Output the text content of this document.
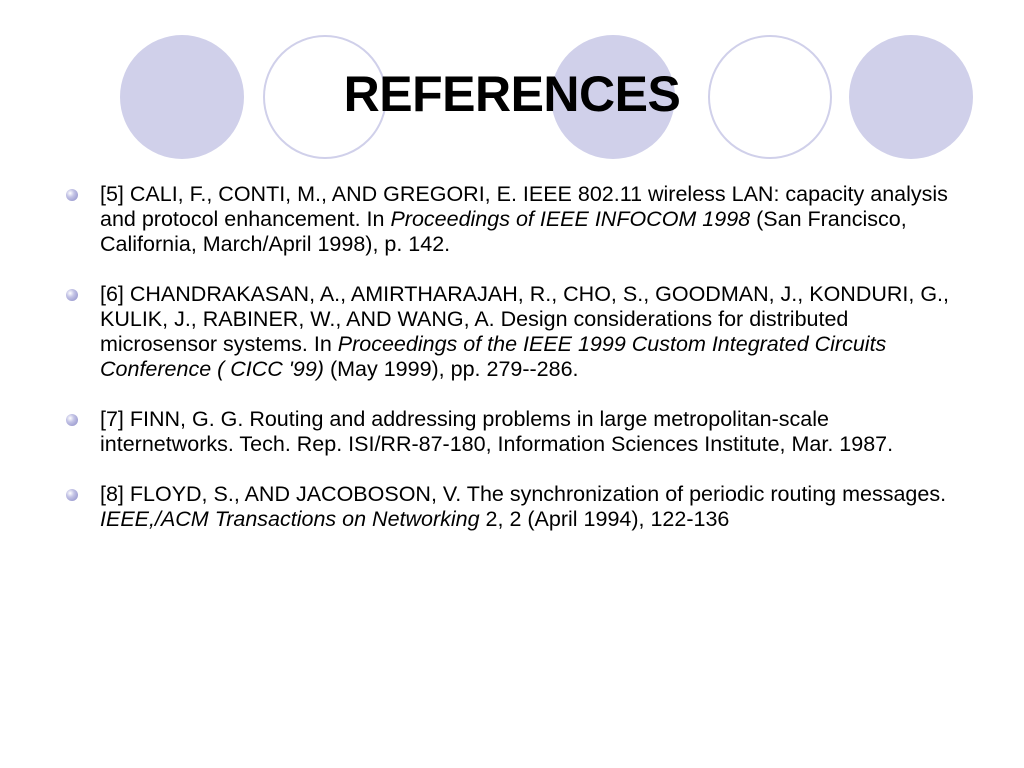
REFERENCES
[5] CALI, F., CONTI, M., AND GREGORI, E. IEEE 802.11 wireless LAN: capacity analysis and protocol enhancement. In Proceedings of IEEE INFOCOM 1998 (San Francisco, California, March/April 1998), p. 142.
[6] CHANDRAKASAN, A., AMIRTHARAJAH, R., CHO, S., GOODMAN, J., KONDURI, G., KULIK, J., RABINER, W., AND WANG, A. Design considerations for distributed microsensor systems. In Proceedings of the IEEE 1999 Custom Integrated Circuits Conference ( CICC '99) (May 1999), pp. 279--286.
[7] FINN, G. G. Routing and addressing problems in large metropolitan-scale internetworks. Tech. Rep. ISI/RR-87-180, Information Sciences Institute, Mar. 1987.
[8] FLOYD, S., AND JACOBOSON, V. The synchronization of periodic routing messages. IEEE,/ACM Transactions on Networking 2, 2 (April 1994), 122-136
